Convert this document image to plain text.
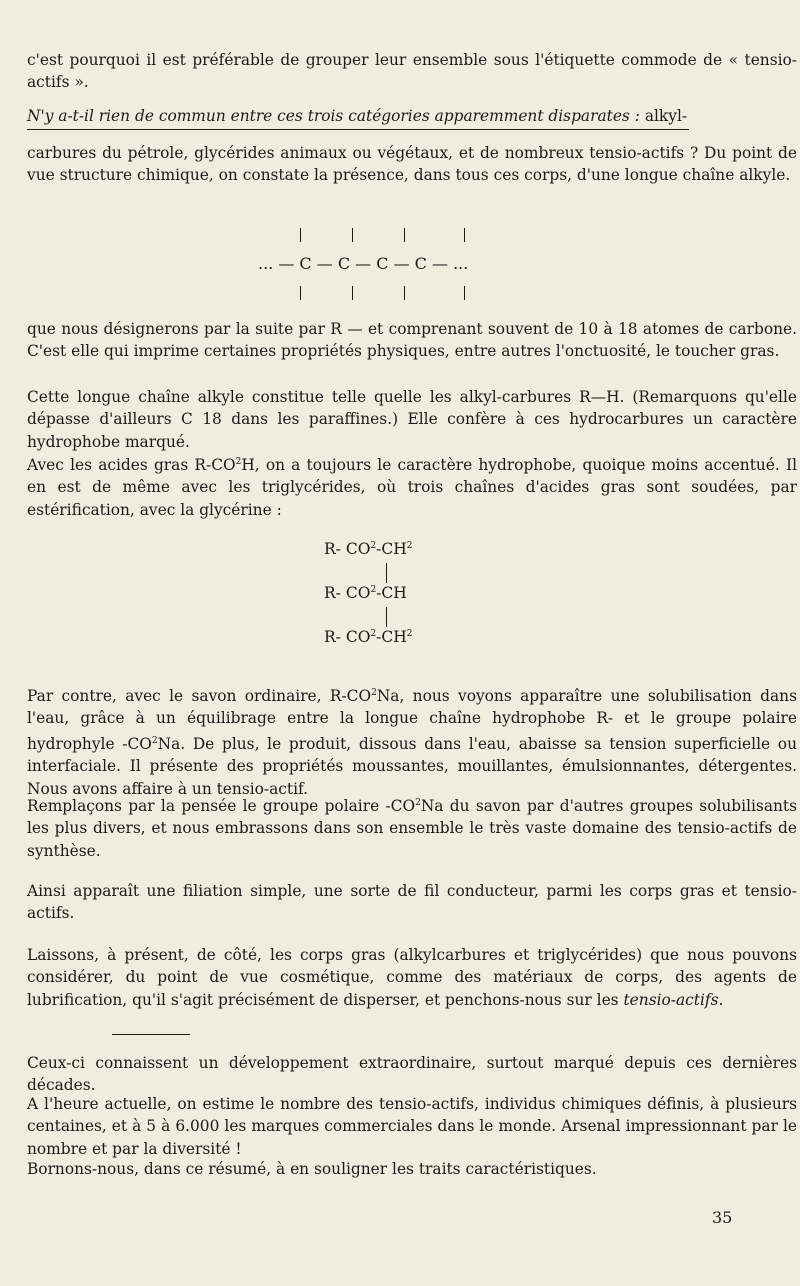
c'est pourquoi il est préférable de grouper leur ensemble sous l'étiquette commode de « tensio-actifs ».

N'y a-t-il rien de commun entre ces trois catégories apparemment disparates : alkyl-

carbures du pétrole, glycérides animaux ou végétaux, et de nombreux tensio-actifs ? Du point de vue structure chimique, on constate la présence, dans tous ces corps, d'une longue chaîne alkyle.

... — C — C — C — C — ...

que nous désignerons par la suite par R — et comprenant souvent de 10 à 18 atomes de carbone. C'est elle qui imprime certaines propriétés physiques, entre autres l'onctuosité, le toucher gras.

Cette longue chaîne alkyle constitue telle quelle les alkyl-carbures R—H. (Remarquons qu'elle dépasse d'ailleurs C 18 dans les paraffines.) Elle confère à ces hydrocarbures un caractère hydrophobe marqué.

Avec les acides gras $R-CO^2H$, on a toujours le caractère hydrophobe, quoique moins accentué. Il en est de même avec les triglycérides, où trois chaînes d'acides gras sont soudées, par estérification, avec la glycérine :

R- $CO^2-CH^2$
R- $CO^2-CH$
R- $CO^2-CH^2$

Par contre, avec le savon ordinaire, $R-CO^2Na$, nous voyons apparaître une solubilisation dans l'eau, grâce à un équilibrage entre la longue chaîne hydrophobe R- et le groupe polaire hydrophyle $-CO^2Na$. De plus, le produit, dissous dans l'eau, abaisse sa tension superficielle ou interfaciale. Il présente des propriétés moussantes, mouillantes, émulsionnantes, détergentes. Nous avons affaire à un tensio-actif.

Remplaçons par la pensée le groupe polaire $-CO^2Na$ du savon par d'autres groupes solubilisants les plus divers, et nous embrassons dans son ensemble le très vaste domaine des tensio-actifs de synthèse.

Ainsi apparaît une filiation simple, une sorte de fil conducteur, parmi les corps gras et tensio-actifs.

Laissons, à présent, de côté, les corps gras (alkylcarbures et triglycérides) que nous pouvons considérer, du point de vue cosmétique, comme des matériaux de corps, des agents de lubrification, qu'il s'agit précisément de disperser, et penchons-nous sur les tensio-actifs.

Ceux-ci connaissent un développement extraordinaire, surtout marqué depuis ces dernières décades.

A l'heure actuelle, on estime le nombre des tensio-actifs, individus chimiques définis, à plusieurs centaines, et à 5 à 6.000 les marques commerciales dans le monde. Arsenal impressionnant par le nombre et par la diversité !

Bornons-nous, dans ce résumé, à en souligner les traits caractéristiques.

35
